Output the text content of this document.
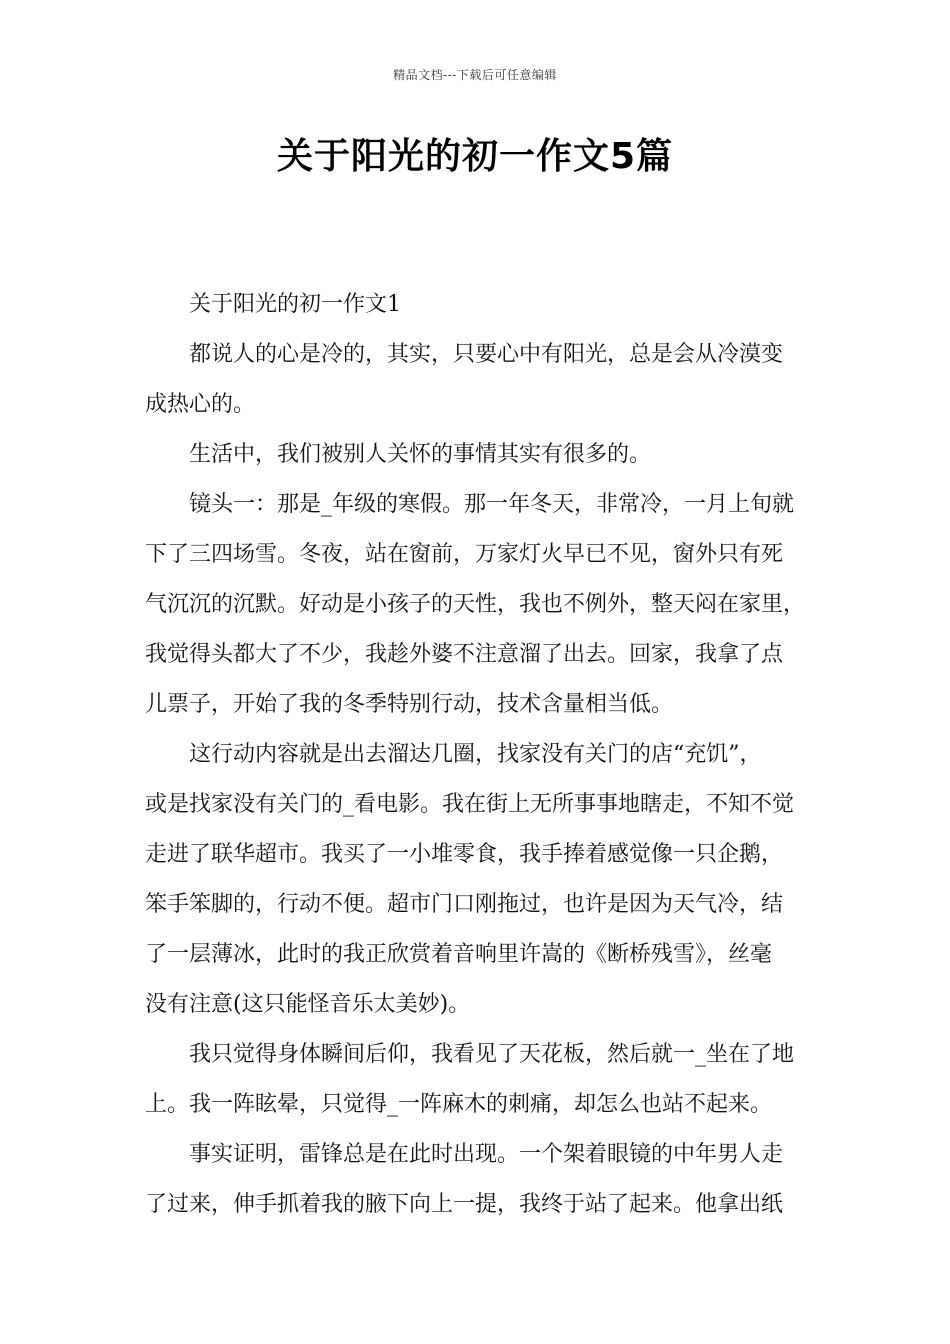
精品文档---下载后可任意编辑
关于阳光的初一作文5篇
关于阳光的初一作文1
都说人的心是冷的，其实，只要心中有阳光，总是会从冷漠变
成热心的。
生活中，我们被别人关怀的事情其实有很多的。
镜头一：那是_年级的寒假。那一年冬天，非常冷，一月上旬就
下了三四场雪。冬夜，站在窗前，万家灯火早已不见，窗外只有死
气沉沉的沉默。好动是小孩子的天性，我也不例外，整天闷在家里，
我觉得头都大了不少，我趁外婆不注意溜了出去。回家，我拿了点
儿票子，开始了我的冬季特别行动，技术含量相当低。
这行动内容就是出去溜达几圈，找家没有关门的店“充饥”，
或是找家没有关门的_看电影。我在街上无所事事地瞎走，不知不觉
走进了联华超市。我买了一小堆零食，我手捧着感觉像一只企鹅，
笨手笨脚的，行动不便。超市门口刚拖过，也许是因为天气冷，结
了一层薄冰，此时的我正欣赏着音响里许嵩的《断桥残雪》，丝毫
没有注意(这只能怪音乐太美妙)。
我只觉得身体瞬间后仰，我看见了天花板，然后就一_坐在了地
上。我一阵眩晕，只觉得_一阵麻木的刺痛，却怎么也站不起来。
事实证明，雷锋总是在此时出现。一个架着眼镜的中年男人走
了过来，伸手抓着我的腋下向上一提，我终于站了起来。他拿出纸
